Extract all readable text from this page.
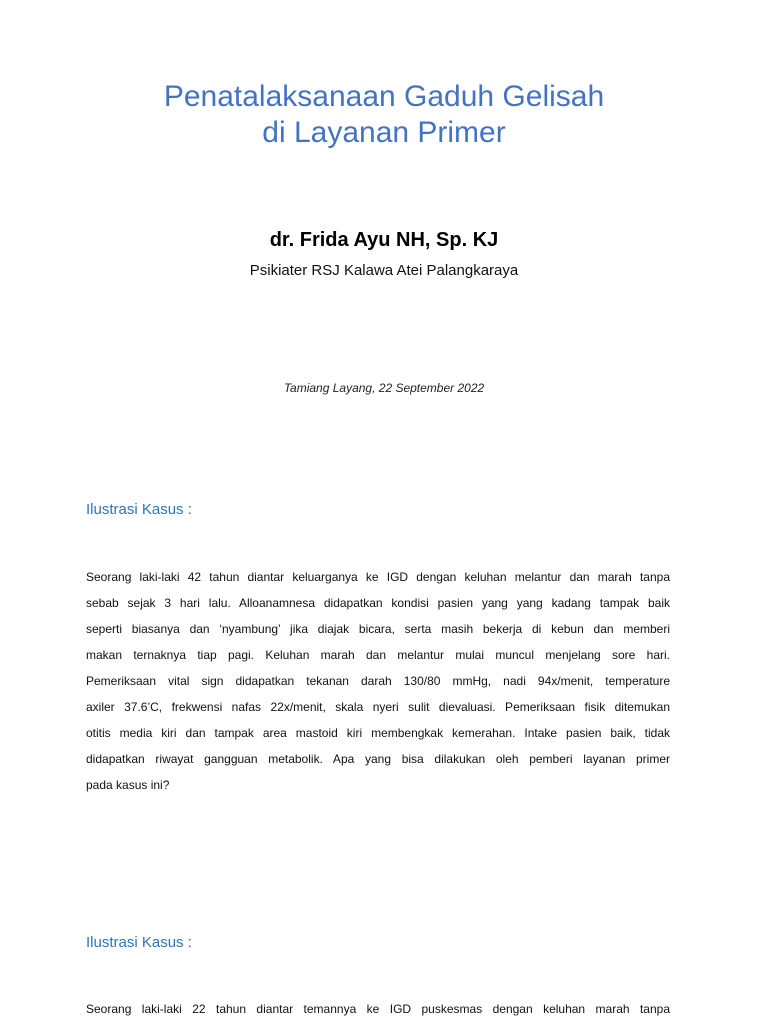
Penatalaksanaan Gaduh Gelisah
di Layanan Primer
dr. Frida Ayu NH, Sp. KJ
Psikiater RSJ Kalawa Atei Palangkaraya
Tamiang Layang, 22 September 2022
Ilustrasi Kasus :
Seorang laki-laki 42 tahun diantar keluarganya ke IGD dengan keluhan melantur dan marah tanpa
sebab sejak 3 hari lalu. Alloanamnesa didapatkan kondisi pasien yang yang kadang tampak baik
seperti biasanya dan ‘nyambung’ jika diajak bicara, serta masih bekerja di kebun dan memberi
makan ternaknya tiap pagi. Keluhan marah dan melantur mulai muncul menjelang sore hari.
Pemeriksaan vital sign didapatkan tekanan darah 130/80 mmHg, nadi 94x/menit, temperature
axiler 37.6’C, frekwensi nafas 22x/menit, skala nyeri sulit dievaluasi. Pemeriksaan fisik ditemukan
otitis media kiri dan tampak area mastoid kiri membengkak kemerahan. Intake pasien baik, tidak
didapatkan riwayat gangguan metabolik. Apa yang bisa dilakukan oleh pemberi layanan primer
pada kasus ini?
Ilustrasi Kasus :
Seorang laki-laki 22 tahun diantar temannya ke IGD puskesmas dengan keluhan marah tanpa
